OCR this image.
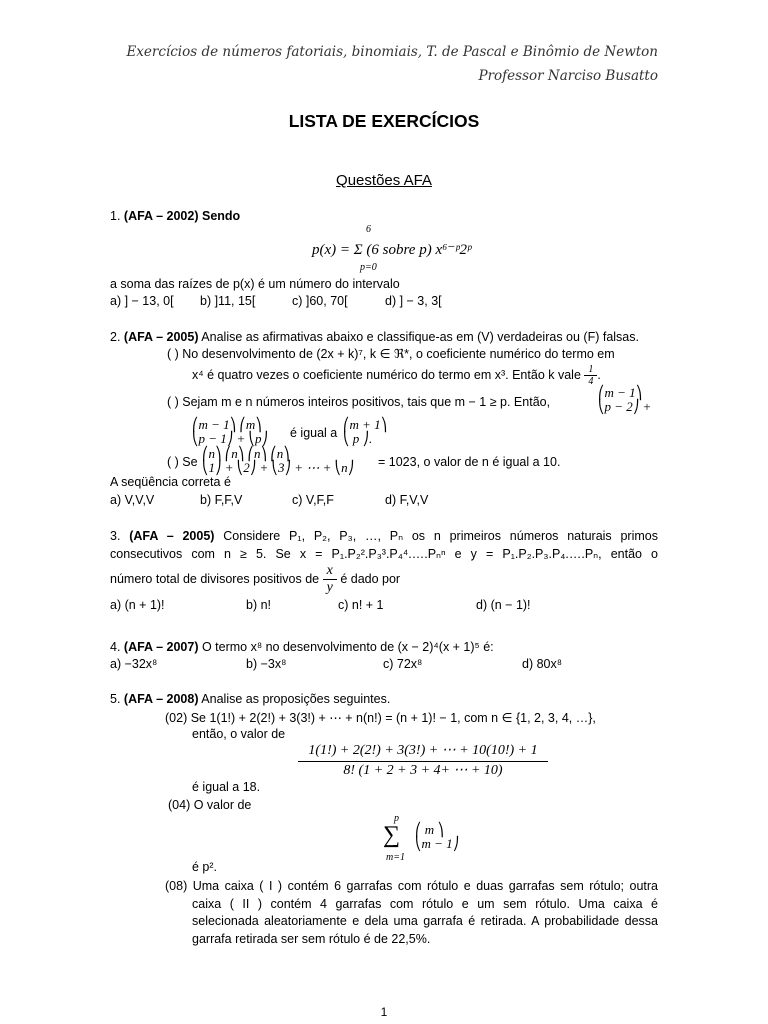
Exercícios de números fatoriais, binomiais, T. de Pascal e Binômio de Newton
Professor Narciso Busatto
LISTA DE EXERCÍCIOS
Questões AFA
1. (AFA – 2002) Sendo
6
p=0
p(x) = Σ (6 sobre p) x⁶⁻ᵖ2ᵖ
a soma das raízes de p(x) é um número do intervalo
a) ] − 13, 0[ b) ]11, 15[	c) ]60, 70[	d) ] − 3, 3[
2. (AFA – 2005) Analise as afirmativas abaixo e classifique-as em (V) verdadeiras ou (F) falsas.
( ) No desenvolvimento de (2x + k)⁷, k ∈ ℜ*, o coeficiente numérico do termo em
x⁴ é quatro vezes o coeficiente numérico do termo em x³. Então k vale $\frac{1}{4}$ .
( ) Sejam m e n números inteiros positivos, tais que m − 1 ≥ p. Então,
⎛m − 1⎞
⎝p − 2⎠ +
⎛m − 1⎞ ⎛m⎞
⎝p − 1⎠ + ⎝p⎠ é igual a
⎛m + 1⎞
⎝ p ⎠.
( ) Se
⎛n⎞ ⎛n⎞ ⎛n⎞ ⎛n⎞
⎝1⎠ + ⎝2⎠ + ⎝3⎠ + ⋯ + ⎝n⎠ = 1023, o valor de n é igual a 10.
A seqüência correta é
a) V,V,V	b) F,F,V	c) V,F,F	d) F,V,V
3. (AFA – 2005) Considere P₁, P₂, P₃, …, Pₙ os n primeiros números naturais primos
consecutivos com n ≥ 5. Se x = P₁.P₂².P₃³.P₄⁴.….Pₙⁿ e y = P₁.P₂.P₃.P₄.….Pₙ, então o
número total de divisores positivos de $\frac{x}{y}$ é dado por
a) (n + 1)!	b) n!	c) n! + 1	d) (n − 1)!
4. (AFA – 2007) O termo x⁸ no desenvolvimento de (x − 2)⁴(x + 1)⁵ é:
a) −32x⁸	b) −3x⁸	c) 72x⁸	d) 80x⁸
5. (AFA – 2008) Analise as proposições seguintes.
(02) Se 1(1!) + 2(2!) + 3(3!) + ⋯ + n(n!) = (n + 1)! − 1, com n ∈ {1, 2, 3, 4, …},
então, o valor de
$\frac{1(1!) + 2(2!) + 3(3!) + \cdots + 10(10!) + 1}{8! (1 + 2 + 3 + 4+ \cdots + 10)}$
é igual a 18.
(04) O valor de
p
∑
m=1
⎛ m ⎞
⎝m − 1⎠
é p².
(08) Uma caixa ( I ) contém 6 garrafas com rótulo e duas garrafas sem rótulo; outra
caixa ( II ) contém 4 garrafas com rótulo e um sem rótulo. Uma caixa é
selecionada aleatoriamente e dela uma garrafa é retirada. A probabilidade dessa
garrafa retirada ser sem rótulo é de 22,5%.
1
